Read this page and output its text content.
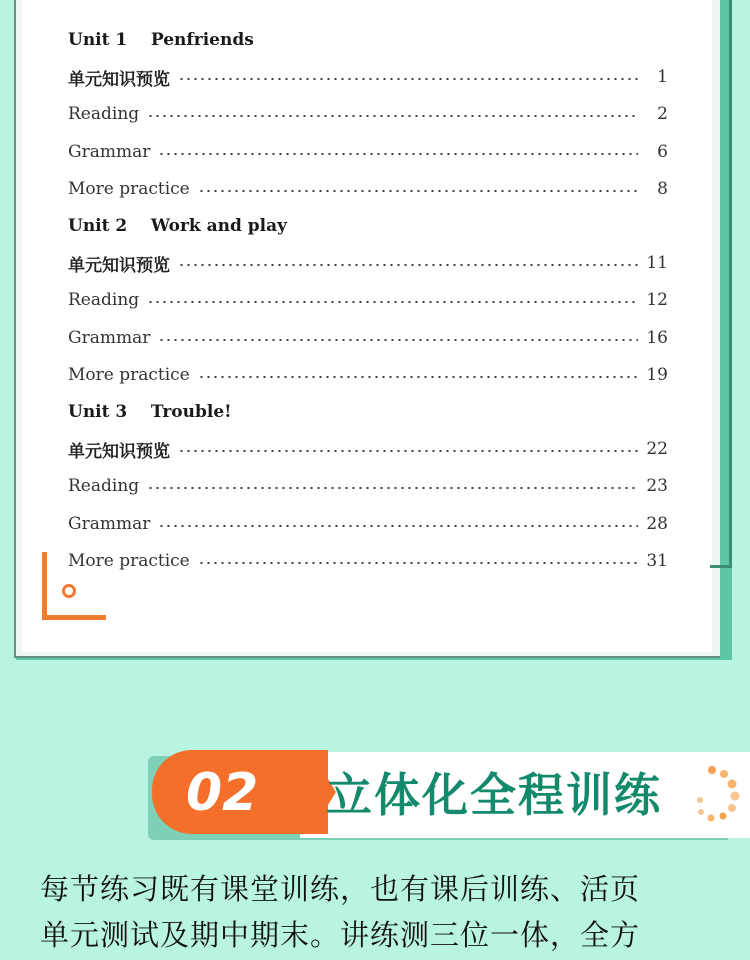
Unit 1    Penfriends
单元知识预览	1
Reading	2
Grammar	6
More practice	8
Unit 2    Work and play
单元知识预览	11
Reading	12
Grammar	16
More practice	19
Unit 3    Trouble!
单元知识预览	22
Reading	23
Grammar	28
More practice	31
02	立体化全程训练
每节练习既有课堂训练，也有课后训练、活页
单元测试及期中期末。讲练测三位一体，全方
